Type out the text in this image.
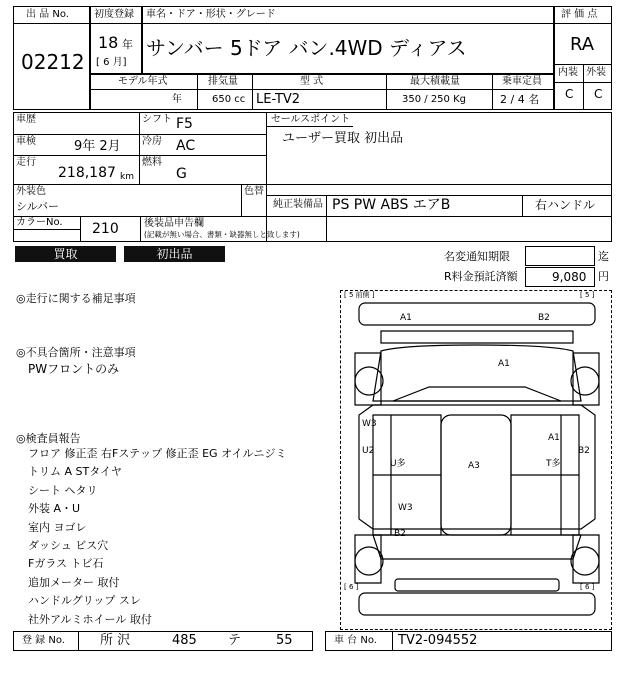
出 品 No.
02212
初度登録
18 年
[ 6 月]
車名・ドア・形状・グレード
サンバー 5ドア バン.4WD ディアス
評 価 点
RA
内装 外装
C C
モデル年式	排気量	型 式	最大積載量	乗車定員
年	650 cc LE-TV2	350 / 250 Kg	2 / 4 名
車歴
車検	9年 2月
走行
218,187 km
シフト F5
冷房 AC
燃料
G
セールスポイント
ユーザー買取 初出品
外装色
シルバー
色替
純正装備品 PS PW ABS エアB	右ハンドル
カラーNo. 210	後装品申告欄
(記載が無い場合、書類・缺器無しと致します)
買取	初出品	名変通知期限	迄
R料金預託済額	9,080 円
◎走行に関する補足事項
◎不具合箇所・注意事項
PWフロントのみ
◎検査員報告
フロア 修正歪 右Fステップ 修正歪 EG オイルニジミ
トリム A STタイヤ
シート ヘタリ
外装 A・U
室内 ヨゴレ
ダッシュ ビス穴
Fガラス トビ石
追加メーター 取付
ハンドルグリップ スレ
社外アルミホイール 取付
[ 5 前側 ]	[ 5 ]
[ 6 ]	[ 6 ]
A1	B2
A1
W3
U2
U多	A3
A1
T多
B2
W3
B2
登 録 No.	所 沢	485 テ	55	車 台 No. TV2-094552
